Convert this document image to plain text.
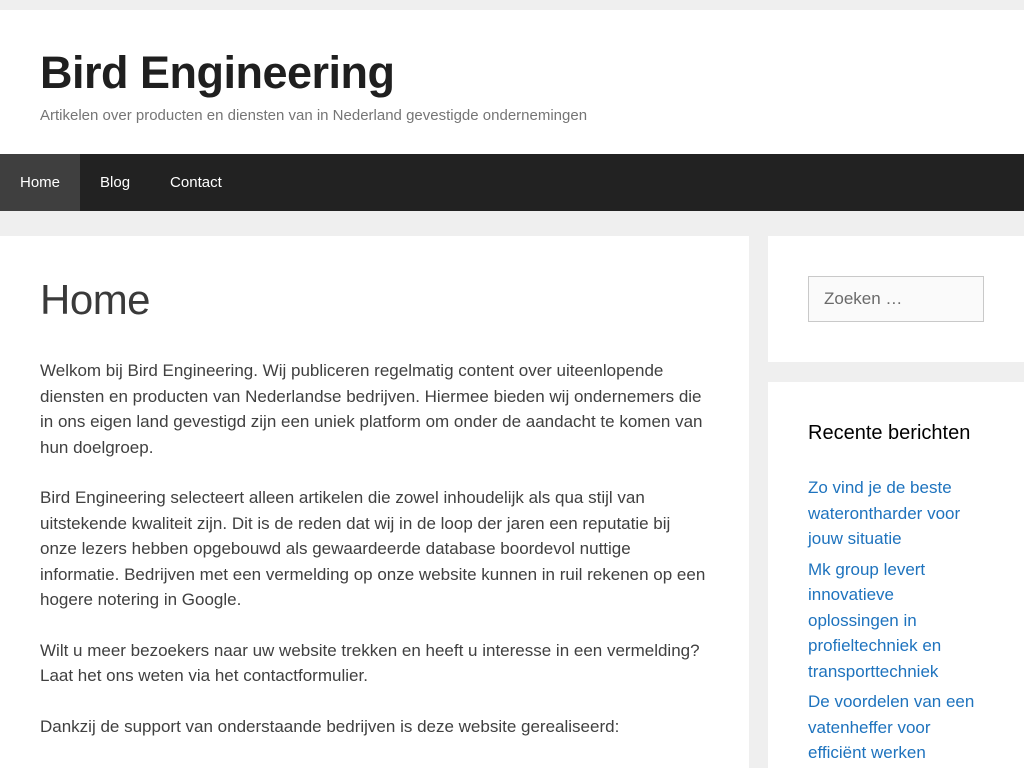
Bird Engineering
Artikelen over producten en diensten van in Nederland gevestigde ondernemingen
Home	Blog	Contact
Home

Welkom bij Bird Engineering. Wij publiceren regelmatig content over uiteenlopende diensten en producten van Nederlandse bedrijven. Hiermee bieden wij ondernemers die in ons eigen land gevestigd zijn een uniek platform om onder de aandacht te komen van hun doelgroep.

Bird Engineering selecteert alleen artikelen die zowel inhoudelijk als qua stijl van uitstekende kwaliteit zijn. Dit is de reden dat wij in de loop der jaren een reputatie bij onze lezers hebben opgebouwd als gewaardeerde database boordevol nuttige informatie. Bedrijven met een vermelding op onze website kunnen in ruil rekenen op een hogere notering in Google.

Wilt u meer bezoekers naar uw website trekken en heeft u interesse in een vermelding? Laat het ons weten via het contactformulier.

Dankzij de support van onderstaande bedrijven is deze website gerealiseerd:

Zoeken …
Recente berichten
Zo vind je de beste waterontharder voor jouw situatie
Mk group levert innovatieve oplossingen in profieltechniek en transporttechniek
De voordelen van een vatenheffer voor efficiënt werken
